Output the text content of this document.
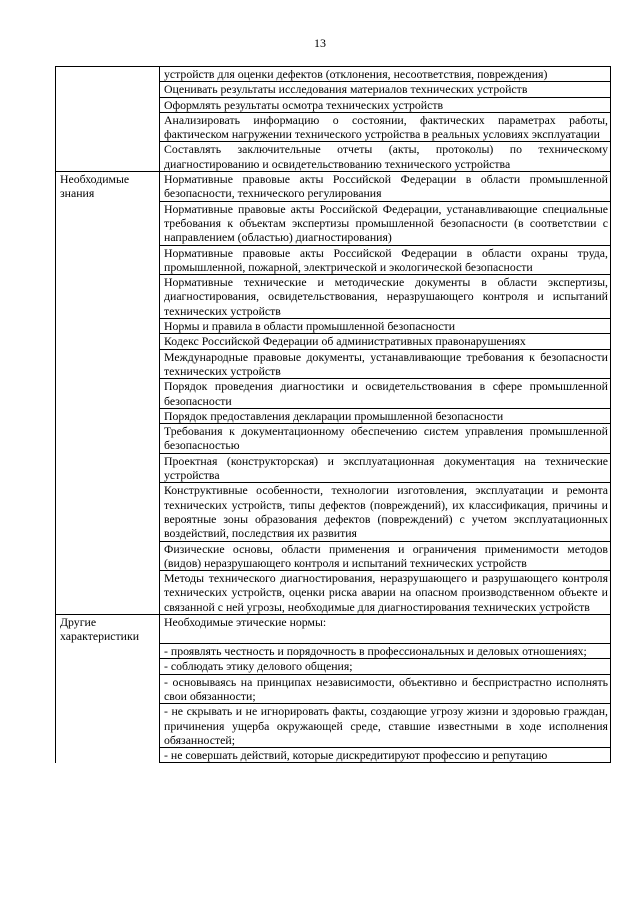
13
	устройств для оценки дефектов (отклонения, несоответствия, повреждения)
	Оценивать результаты исследования материалов технических устройств
	Оформлять результаты осмотра технических устройств
	Анализировать информацию о состоянии, фактических параметрах работы, фактическом нагружении технического устройства в реальных условиях эксплуатации
	Составлять заключительные отчеты (акты, протоколы) по техническому диагностированию и освидетельствованию технического устройства
Необходимые знания	Нормативные правовые акты Российской Федерации в области промышленной безопасности, технического регулирования
	Нормативные правовые акты Российской Федерации, устанавливающие специальные требования к объектам экспертизы промышленной безопасности (в соответствии с направлением (областью) диагностирования)
	Нормативные правовые акты Российской Федерации в области охраны труда, промышленной, пожарной, электрической и экологической безопасности
	Нормативные технические и методические документы в области экспертизы, диагностирования, освидетельствования, неразрушающего контроля и испытаний технических устройств
	Нормы и правила в области промышленной безопасности
	Кодекс Российской Федерации об административных правонарушениях
	Международные правовые документы, устанавливающие требования к безопасности технических устройств
	Порядок проведения диагностики и освидетельствования в сфере промышленной безопасности
	Порядок предоставления декларации промышленной безопасности
	Требования к документационному обеспечению систем управления промышленной безопасностью
	Проектная (конструкторская) и эксплуатационная документация на технические устройства
	Конструктивные особенности, технологии изготовления, эксплуатации и ремонта технических устройств, типы дефектов (повреждений), их классификация, причины и вероятные зоны образования дефектов (повреждений) с учетом эксплуатационных воздействий, последствия их развития
	Физические основы, области применения и ограничения применимости методов (видов) неразрушающего контроля и испытаний технических устройств
	Методы технического диагностирования, неразрушающего и разрушающего контроля технических устройств, оценки риска аварии на опасном производственном объекте и связанной с ней угрозы, необходимые для диагностирования технических устройств
Другие характеристики	Необходимые этические нормы:
	- проявлять честность и порядочность в профессиональных и деловых отношениях;
	- соблюдать этику делового общения;
	- основываясь на принципах независимости, объективно и беспристрастно исполнять свои обязанности;
	- не скрывать и не игнорировать факты, создающие угрозу жизни и здоровью граждан, причинения ущерба окружающей среде, ставшие известными в ходе исполнения обязанностей;
	- не совершать действий, которые дискредитируют профессию и репутацию
